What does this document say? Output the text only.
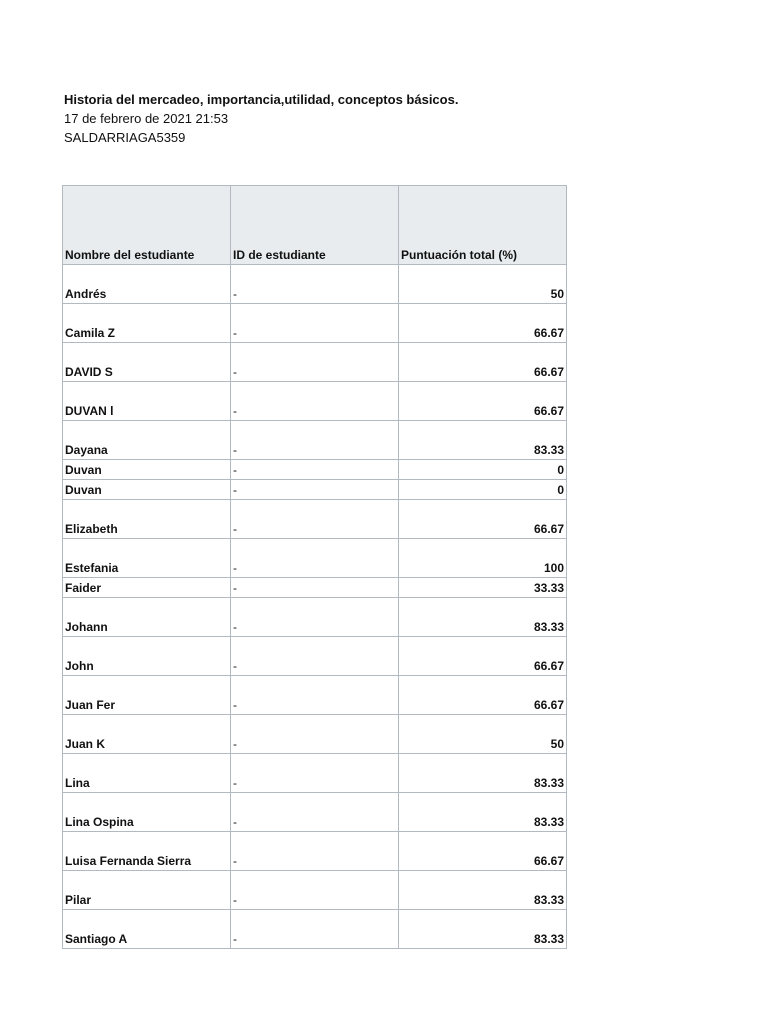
Historia del mercadeo, importancia,utilidad, conceptos básicos.
17 de febrero de 2021 21:53
SALDARRIAGA5359
Nombre del estudiante	ID de estudiante	Puntuación total (%)
Andrés	-	50
Camila Z	-	66.67
DAVID S	-	66.67
DUVAN l	-	66.67
Dayana	-	83.33
Duvan	-	0
Duvan	-	0
Elizabeth	-	66.67
Estefania	-	100
Faider	-	33.33
Johann	-	83.33
John	-	66.67
Juan Fer	-	66.67
Juan K	-	50
Lina	-	83.33
Lina Ospina	-	83.33
Luisa Fernanda Sierra	-	66.67
Pilar	-	83.33
Santiago A	-	83.33
